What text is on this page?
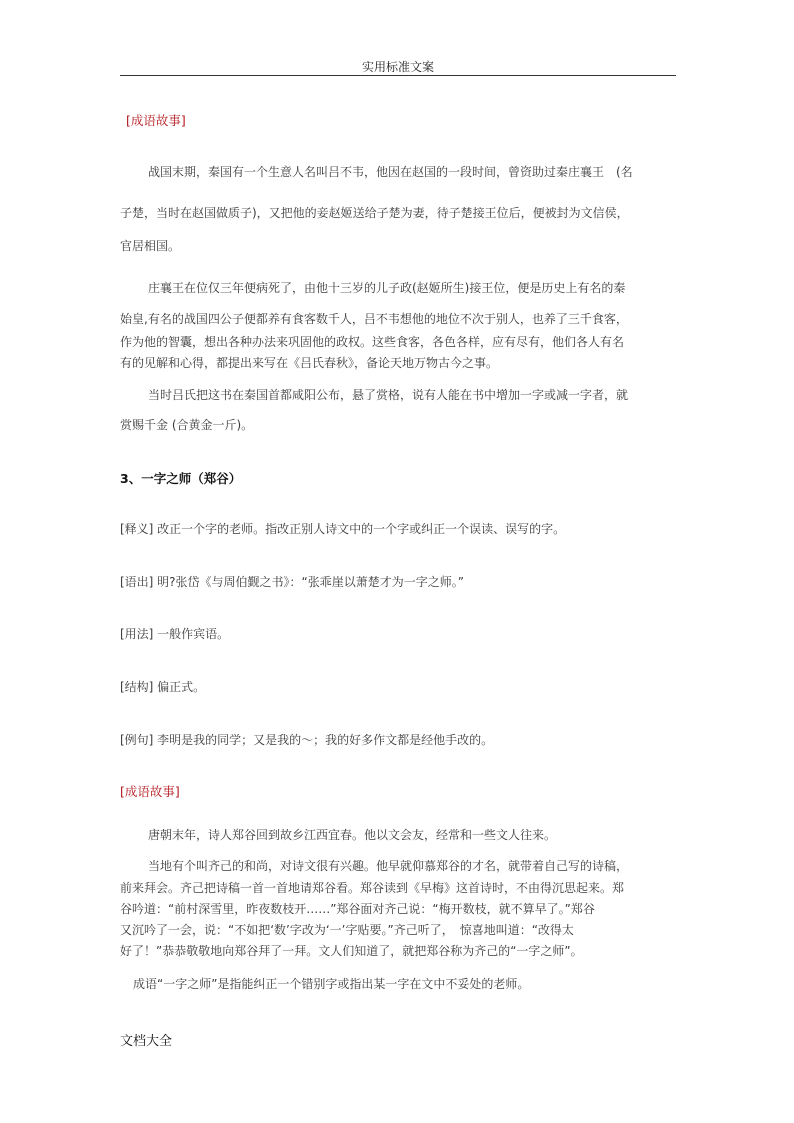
实用标准文案
[成语故事]
战国末期，秦国有一个生意人名叫吕不韦，他因在赵国的一段时间，曾资助过秦庄襄王　(名
子楚，当时在赵国做质子)，又把他的妾赵姬送给子楚为妻，待子楚接王位后，便被封为文信侯，
官居相国。
庄襄王在位仅三年便病死了，由他十三岁的儿子政(赵姬所生)接王位，便是历史上有名的秦
始皇,有名的战国四公子便都养有食客数千人，吕不韦想他的地位不次于别人，也养了三千食客，
作为他的智囊，想出各种办法来巩固他的政权。这些食客，各色各样，应有尽有，他们各人有名
有的见解和心得，都提出来写在《吕氏春秋》，备论天地万物古今之事。
当时吕氏把这书在秦国首都咸阳公布，悬了赏格，说有人能在书中增加一字或减一字者，就
赏赐千金 (合黄金一斤)。
3、一字之师（郑谷）
[释义] 改正一个字的老师。指改正别人诗文中的一个字或纠正一个误读、误写的字。
[语出] 明?张岱《与周伯觐之书》：“张乖崖以萧楚才为一字之师。”
[用法] 一般作宾语。
[结构] 偏正式。
[例句] 李明是我的同学；又是我的～；我的好多作文都是经他手改的。
[成语故事]
唐朝末年，诗人郑谷回到故乡江西宜春。他以文会友，经常和一些文人往来。
当地有个叫齐己的和尚，对诗文很有兴趣。他早就仰慕郑谷的才名，就带着自己写的诗稿，
前来拜会。齐己把诗稿一首一首地请郑谷看。郑谷读到《早梅》这首诗时，不由得沉思起来。郑
谷吟道：“前村深雪里，昨夜数枝开……”郑谷面对齐己说：“梅开数枝，就不算早了。”郑谷
又沉吟了一会，说：“不如把‘数’字改为‘一’字贴要。”齐己听了，　惊喜地叫道：“改得太
好了！”恭恭敬敬地向郑谷拜了一拜。文人们知道了，就把郑谷称为齐己的“一字之师”。
成语“一字之师”是指能纠正一个错别字或指出某一字在文中不妥处的老师。
文档大全
